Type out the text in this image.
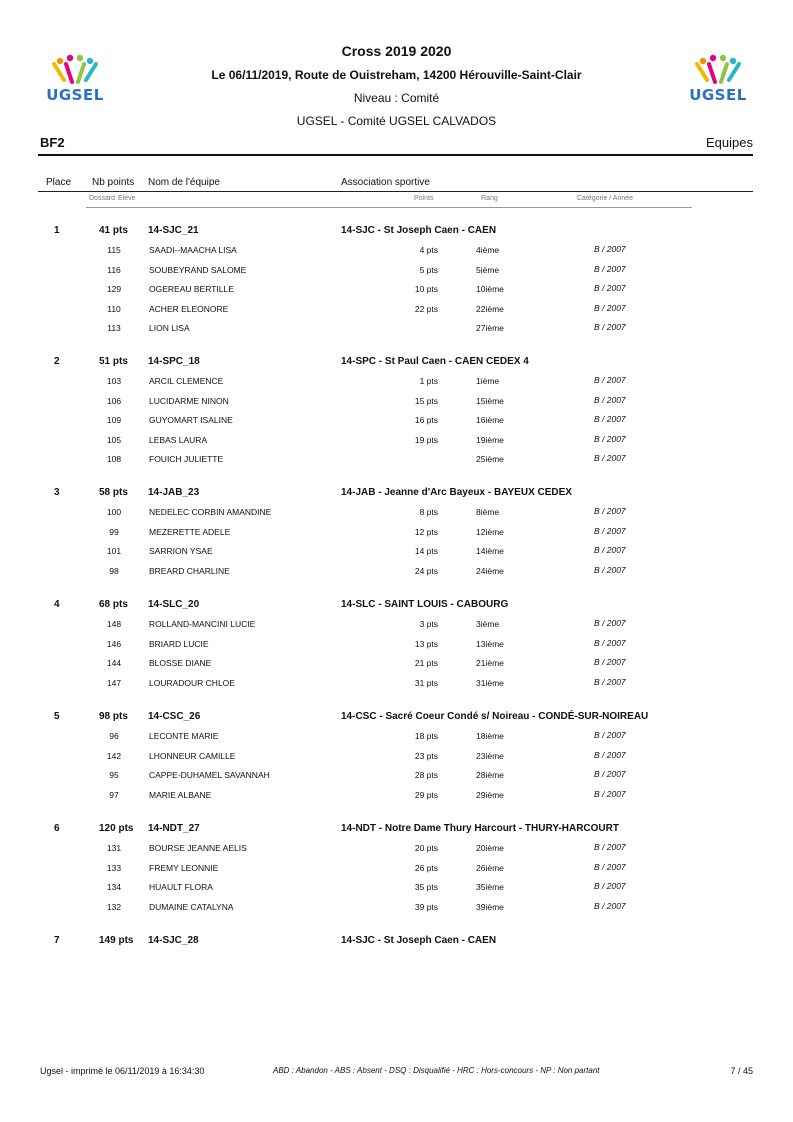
UGSEL	UGSEL
Cross 2019 2020
Le 06/11/2019, Route de Ouistreham, 14200 Hérouville-Saint-Clair
Niveau : Comité
UGSEL - Comité UGSEL CALVADOS
BF2	Equipes
Place Nb points Nom de l'équipe	Association sportive
Dossard Elève	Points	Rang	Catégorie / Année
1	41 pts 14-SJC_21	14-SJC - St Joseph Caen - CAEN
115	SAADI--MAACHA LISA	4 pts	4ième	B / 2007
116	SOUBEYRAND SALOME	5 pts	5ième	B / 2007
129	OGEREAU BERTILLE	10 pts	10ième	B / 2007
110	ACHER ELEONORE	22 pts	22ième	B / 2007
113	LION LISA	27ième	B / 2007
2	51 pts 14-SPC_18	14-SPC - St Paul Caen - CAEN CEDEX 4
103	ARCIL CLEMENCE	1 pts	1ième	B / 2007
106	LUCIDARME NINON	15 pts	15ième	B / 2007
109	GUYOMART ISALINE	16 pts	16ième	B / 2007
105	LEBAS LAURA	19 pts	19ième	B / 2007
108	FOUICH JULIETTE	25ième	B / 2007
3	58 pts 14-JAB_23	14-JAB - Jeanne d'Arc Bayeux - BAYEUX CEDEX
100	NEDELEC CORBIN AMANDINE	8 pts	8ième	B / 2007
99	MEZERETTE ADELE	12 pts	12ième	B / 2007
101	SARRION YSAE	14 pts	14ième	B / 2007
98	BREARD CHARLINE	24 pts	24ième	B / 2007
4	68 pts 14-SLC_20	14-SLC - SAINT LOUIS - CABOURG
148	ROLLAND-MANCINI LUCIE	3 pts	3ième	B / 2007
146	BRIARD LUCIE	13 pts	13ième	B / 2007
144	BLOSSE DIANE	21 pts	21ième	B / 2007
147	LOURADOUR CHLOE	31 pts	31ième	B / 2007
5	98 pts 14-CSC_26	14-CSC - Sacré Coeur Condé s/ Noireau - CONDÉ-SUR-NOIREAU
96	LECONTE MARIE	18 pts	18ième	B / 2007
142	LHONNEUR CAMILLE	23 pts	23ième	B / 2007
95	CAPPE-DUHAMEL SAVANNAH	28 pts	28ième	B / 2007
97	MARIE ALBANE	29 pts	29ième	B / 2007
6	120 pts 14-NDT_27	14-NDT - Notre Dame Thury Harcourt - THURY-HARCOURT
131	BOURSE JEANNE AELIS	20 pts	20ième	B / 2007
133	FREMY LEONNIE	26 pts	26ième	B / 2007
134	HUAULT FLORA	35 pts	35ième	B / 2007
132	DUMAINE CATALYNA	39 pts	39ième	B / 2007
7	149 pts 14-SJC_28	14-SJC - St Joseph Caen - CAEN
Ugsel - imprimé le 06/11/2019 à 16:34:30	ABD : Abandon - ABS : Absent - DSQ : Disqualifié - HRC : Hors-concours - NP : Non partant	7 / 45
